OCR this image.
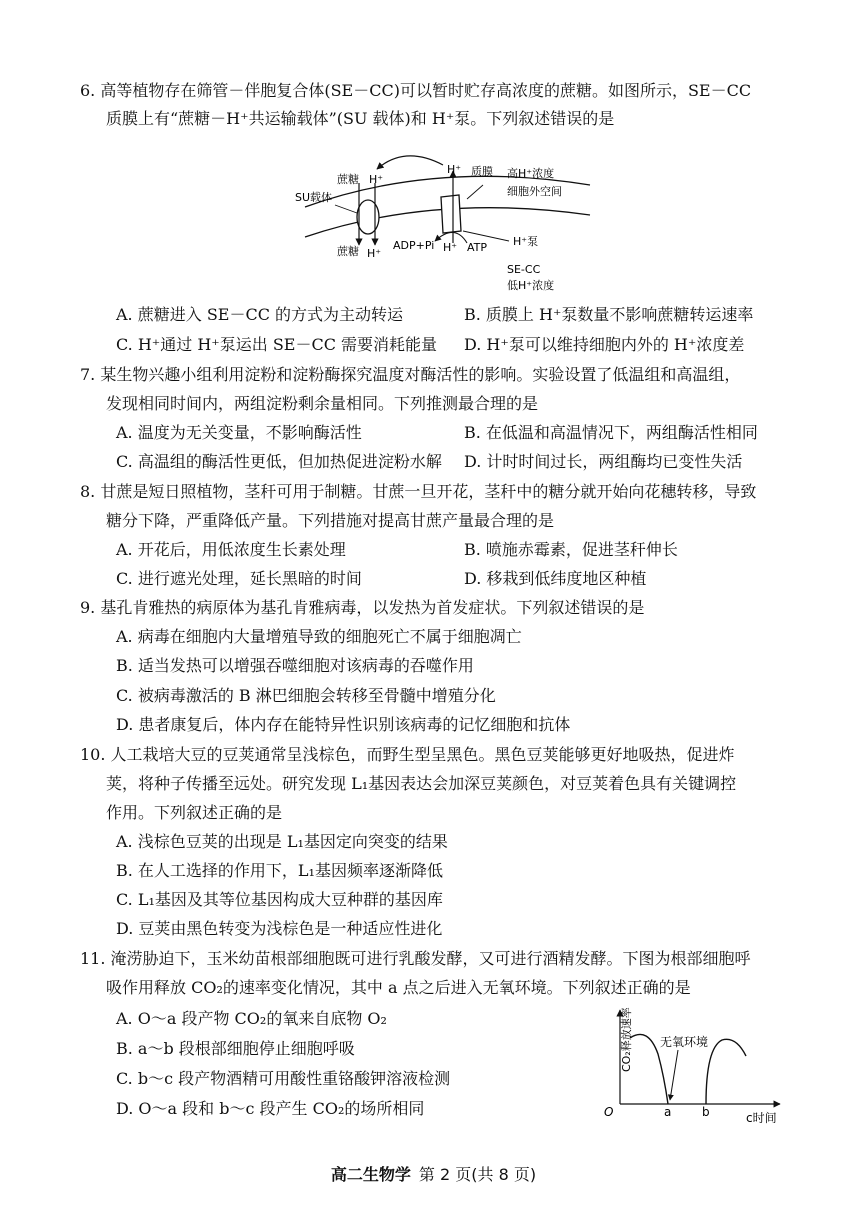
6. 高等植物存在筛管－伴胞复合体(SE－CC)可以暂时贮存高浓度的蔗糖。如图所示，SE－CC
质膜上有“蔗糖－H⁺共运输载体”(SU 载体)和 H⁺泵。下列叙述错误的是
蔗糖 H⁺
SU载体
H⁺ 质膜 高H⁺浓度
细胞外空间
蔗糖 H⁺
ADP+Pi H⁺ ATP H⁺泵
SE-CC
低H⁺浓度
A. 蔗糖进入 SE－CC 的方式为主动转运	B. 质膜上 H⁺泵数量不影响蔗糖转运速率
C. H⁺通过 H⁺泵运出 SE－CC 需要消耗能量 D. H⁺泵可以维持细胞内外的 H⁺浓度差
7. 某生物兴趣小组利用淀粉和淀粉酶探究温度对酶活性的影响。实验设置了低温组和高温组，
发现相同时间内，两组淀粉剩余量相同。下列推测最合理的是
A. 温度为无关变量，不影响酶活性	B. 在低温和高温情况下，两组酶活性相同
C. 高温组的酶活性更低，但加热促进淀粉水解 D. 计时时间过长，两组酶均已变性失活
8. 甘蔗是短日照植物，茎秆可用于制糖。甘蔗一旦开花，茎秆中的糖分就开始向花穗转移，导致
糖分下降，严重降低产量。下列措施对提高甘蔗产量最合理的是
A. 开花后，用低浓度生长素处理	B. 喷施赤霉素，促进茎秆伸长
C. 进行遮光处理，延长黑暗的时间	D. 移栽到低纬度地区种植
9. 基孔肯雅热的病原体为基孔肯雅病毒，以发热为首发症状。下列叙述错误的是
A. 病毒在细胞内大量增殖导致的细胞死亡不属于细胞凋亡
B. 适当发热可以增强吞噬细胞对该病毒的吞噬作用
C. 被病毒激活的 B 淋巴细胞会转移至骨髓中增殖分化
D. 患者康复后，体内存在能特异性识别该病毒的记忆细胞和抗体
10. 人工栽培大豆的豆荚通常呈浅棕色，而野生型呈黑色。黑色豆荚能够更好地吸热，促进炸
荚，将种子传播至远处。研究发现 L₁基因表达会加深豆荚颜色，对豆荚着色具有关键调控
作用。下列叙述正确的是
A. 浅棕色豆荚的出现是 L₁基因定向突变的结果
B. 在人工选择的作用下，L₁基因频率逐渐降低
C. L₁基因及其等位基因构成大豆种群的基因库
D. 豆荚由黑色转变为浅棕色是一种适应性进化
11. 淹涝胁迫下，玉米幼苗根部细胞既可进行乳酸发酵，又可进行酒精发酵。下图为根部细胞呼
吸作用释放 CO₂的速率变化情况，其中 a 点之后进入无氧环境。下列叙述正确的是
A. O～a 段产物 CO₂的氧来自底物 O₂
B. a～b 段根部细胞停止细胞呼吸
C. b～c 段产物酒精可用酸性重铬酸钾溶液检测
D. O～a 段和 b～c 段产生 CO₂的场所相同
CO₂释放速率 无氧环境
O	a	b	c时间
高二生物学 第 2 页(共 8 页)
